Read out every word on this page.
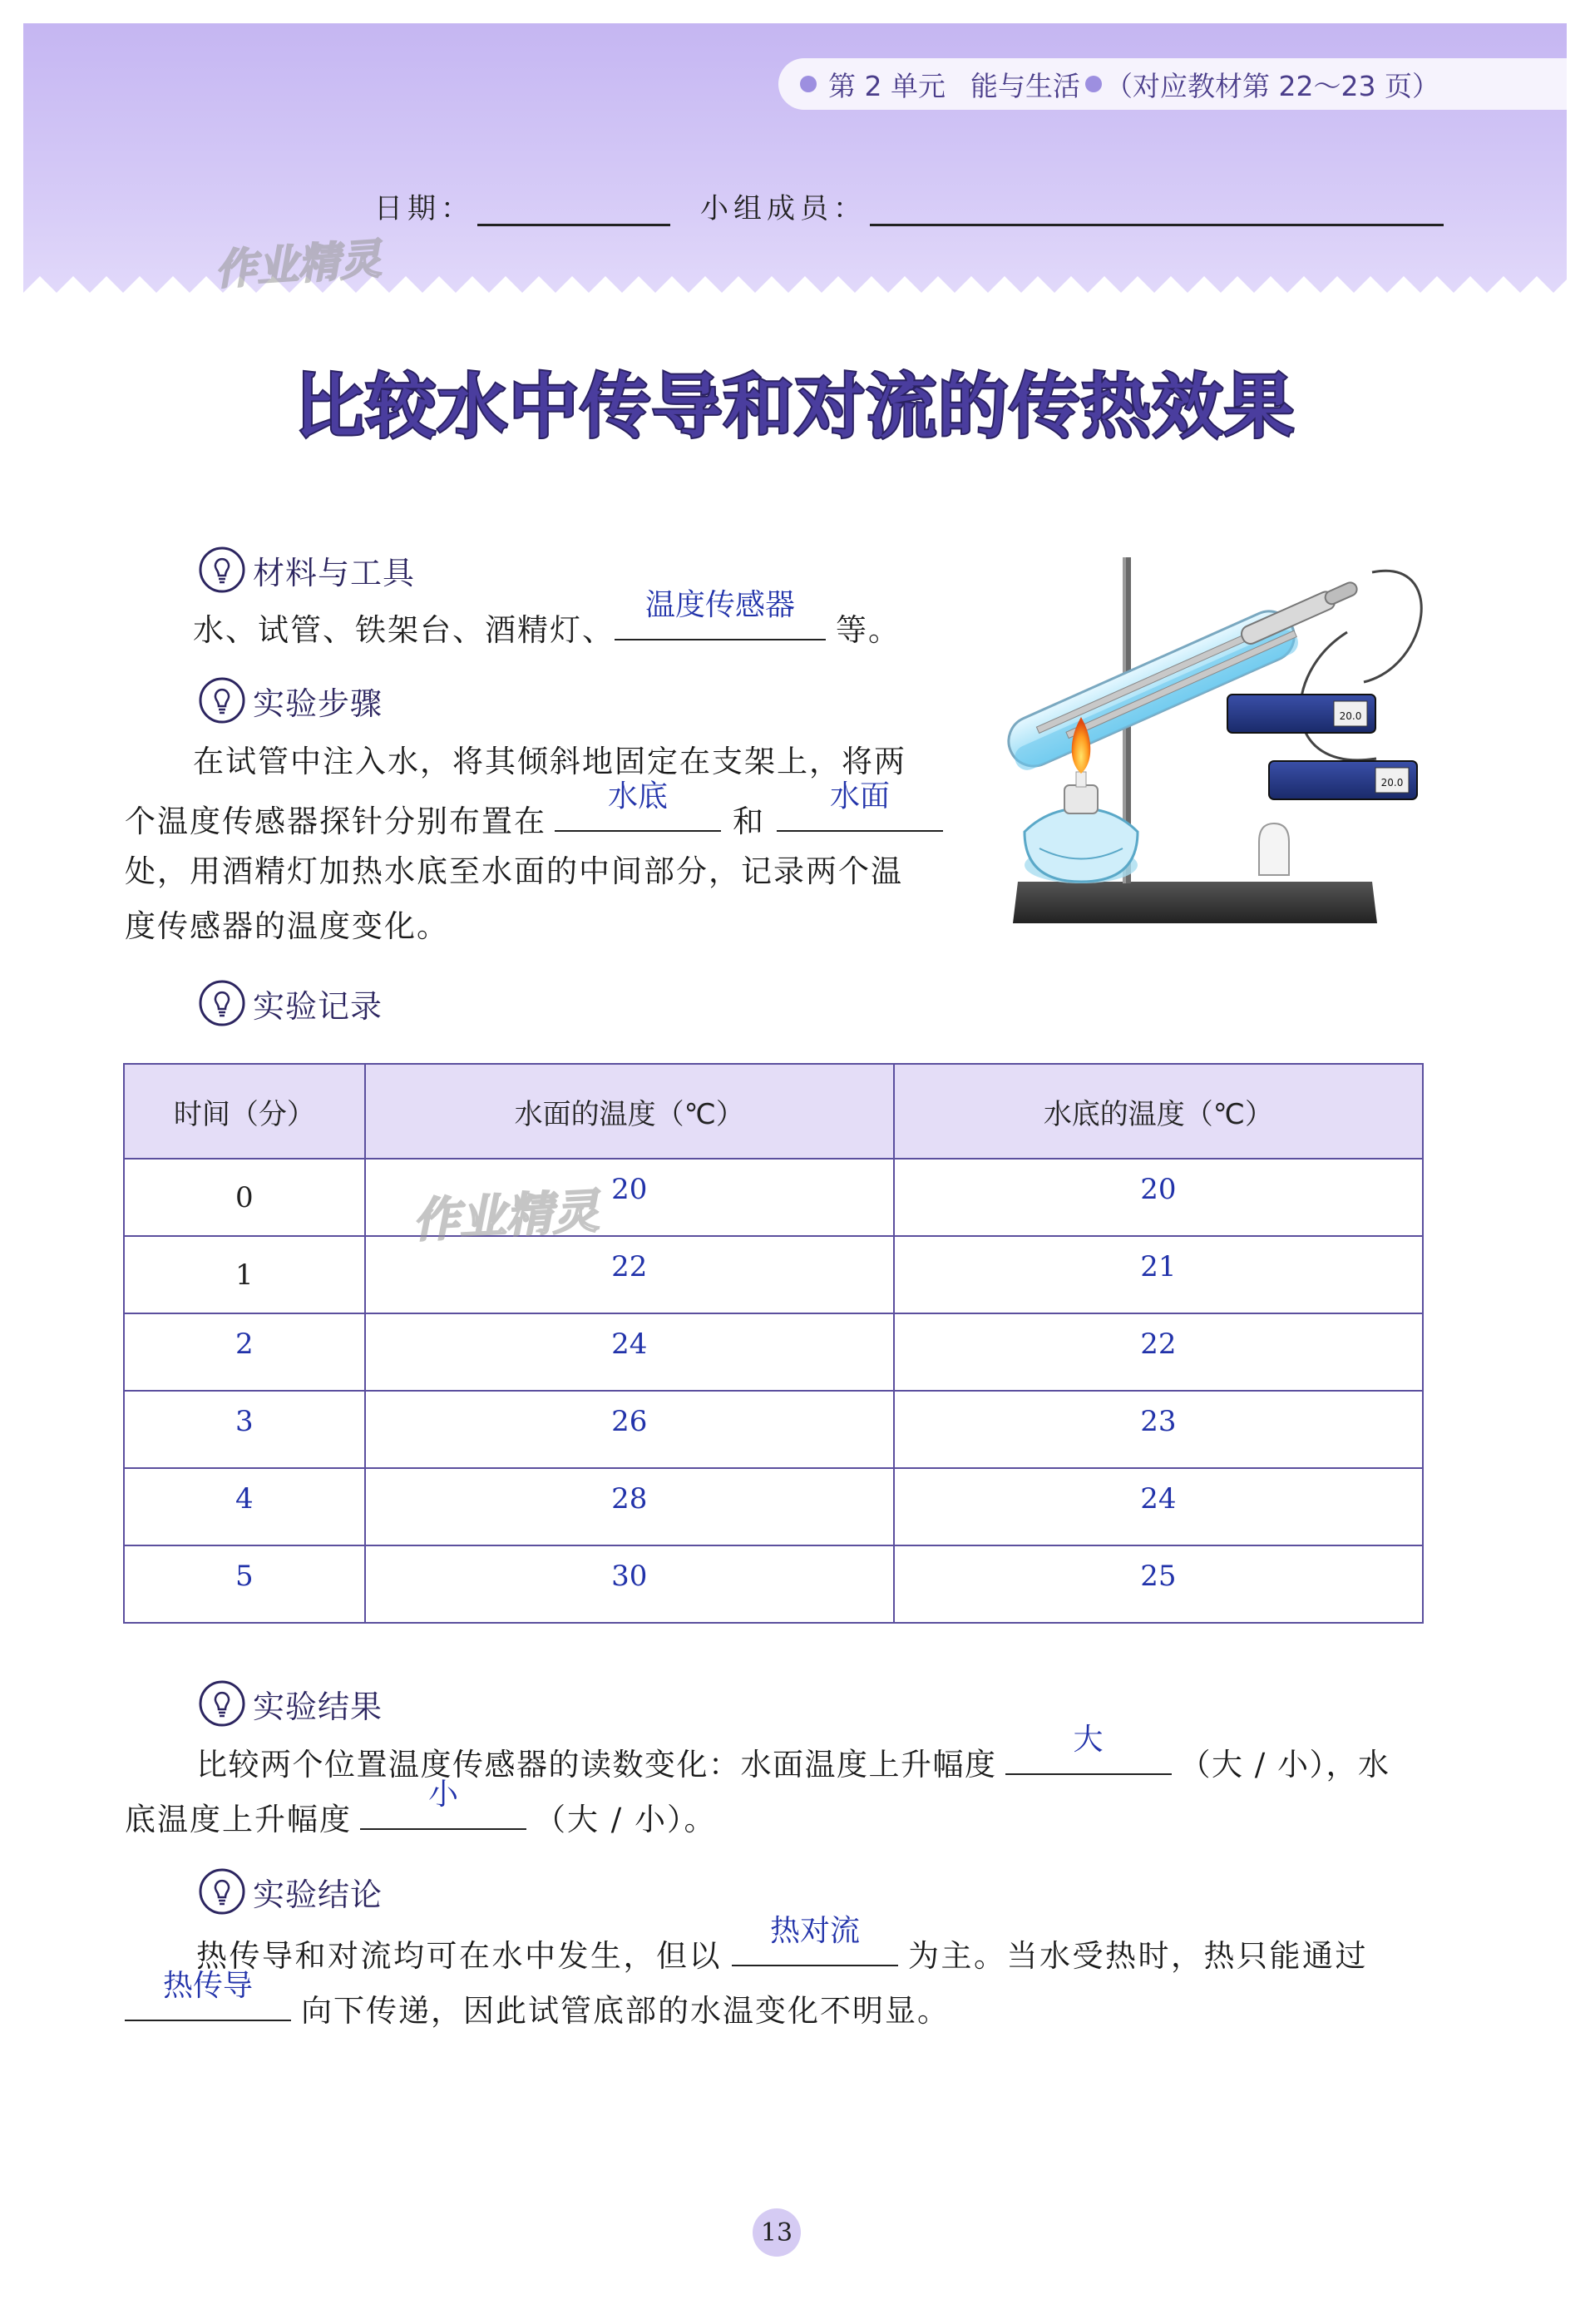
第 2 单元 能与生活 （对应教材第 22～23 页）
日期：	小组成员：
比较水中传导和对流的传热效果
材料与工具
水、试管、铁架台、酒精灯、
温度传感器
等。
实验步骤
在试管中注入水，将其倾斜地固定在支架上，将两
个温度传感器探针分别布置在
水底
和
水面
处，用酒精灯加热水底至水面的中间部分，记录两个温
度传感器的温度变化。
20.0
20.0
实验记录
时间（分）	水面的温度（℃）	水底的温度（℃）
0	20	20
1	22	21
2	24	22
3	26	23
4	28	24
5	30	25
作业精灵
实验结果
比较两个位置温度传感器的读数变化：水面温度上升幅度
大
（大 / 小），水
底温度上升幅度
小
（大 / 小）。
实验结论
热传导和对流均可在水中发生，但以
热对流
为主。当水受热时，热只能通过
热传导
向下传递，因此试管底部的水温变化不明显。
13
